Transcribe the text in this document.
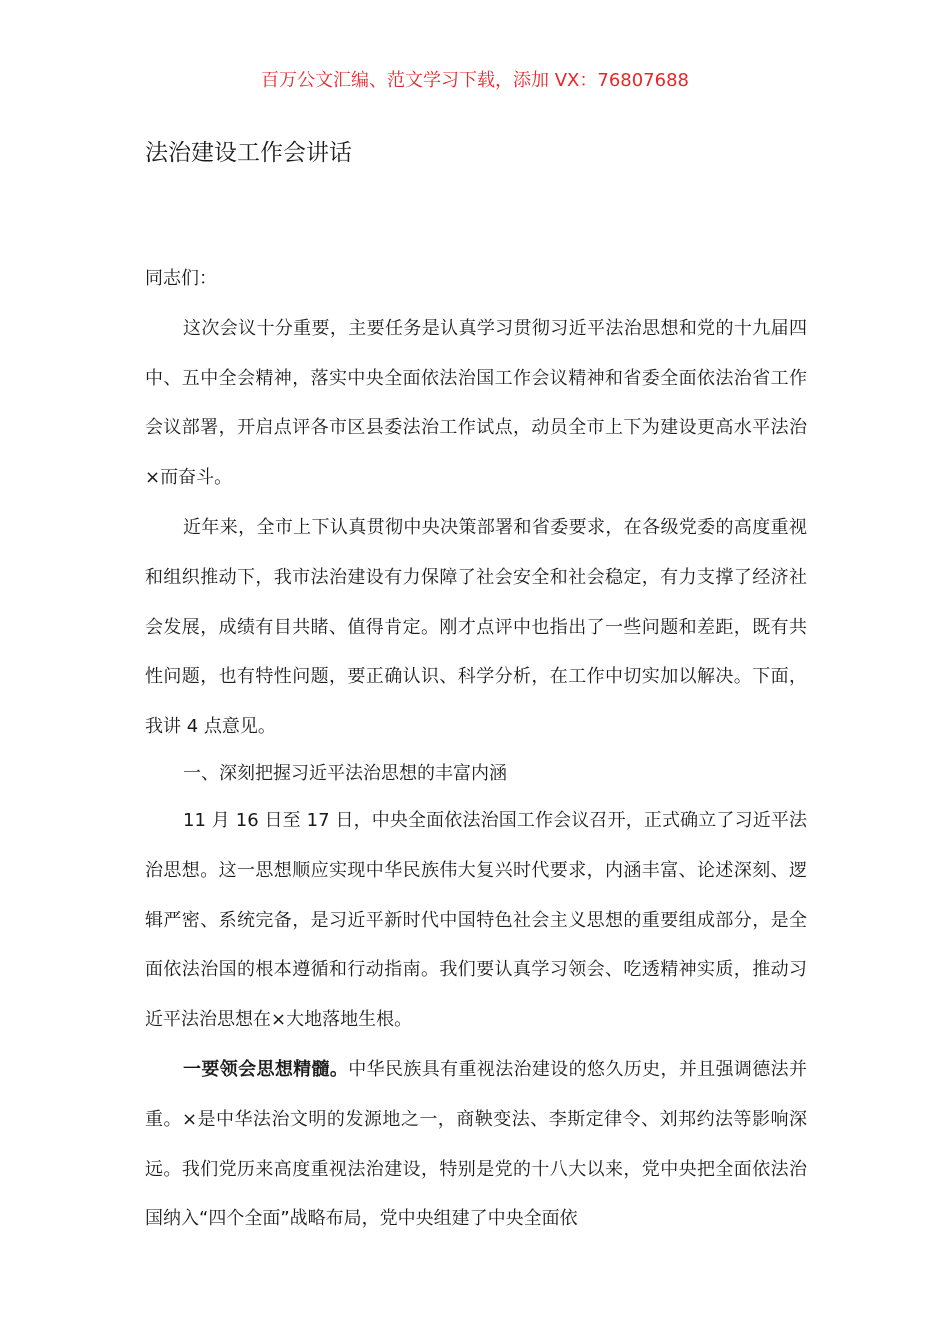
百万公文汇编、范文学习下载，添加 VX：76807688
法治建设工作会讲话

同志们：

这次会议十分重要，主要任务是认真学习贯彻习近平法治思想和党的十九届四中、五中全会精神，落实中央全面依法治国工作会议精神和省委全面依法治省工作会议部署，开启点评各市区县委法治工作试点，动员全市上下为建设更高水平法治×而奋斗。

近年来，全市上下认真贯彻中央决策部署和省委要求，在各级党委的高度重视和组织推动下，我市法治建设有力保障了社会安全和社会稳定，有力支撑了经济社会发展，成绩有目共睹、值得肯定。刚才点评中也指出了一些问题和差距，既有共性问题，也有特性问题，要正确认识、科学分析，在工作中切实加以解决。下面，我讲 4 点意见。

一、深刻把握习近平法治思想的丰富内涵

11 月 16 日至 17 日，中央全面依法治国工作会议召开，正式确立了习近平法治思想。这一思想顺应实现中华民族伟大复兴时代要求，内涵丰富、论述深刻、逻辑严密、系统完备，是习近平新时代中国特色社会主义思想的重要组成部分，是全面依法治国的根本遵循和行动指南。我们要认真学习领会、吃透精神实质，推动习近平法治思想在×大地落地生根。

一要领会思想精髓。中华民族具有重视法治建设的悠久历史，并且强调德法并重。×是中华法治文明的发源地之一，商鞅变法、李斯定律令、刘邦约法等影响深远。我们党历来高度重视法治建设，特别是党的十八大以来，党中央把全面依法治国纳入“四个全面”战略布局，党中央组建了中央全面依
